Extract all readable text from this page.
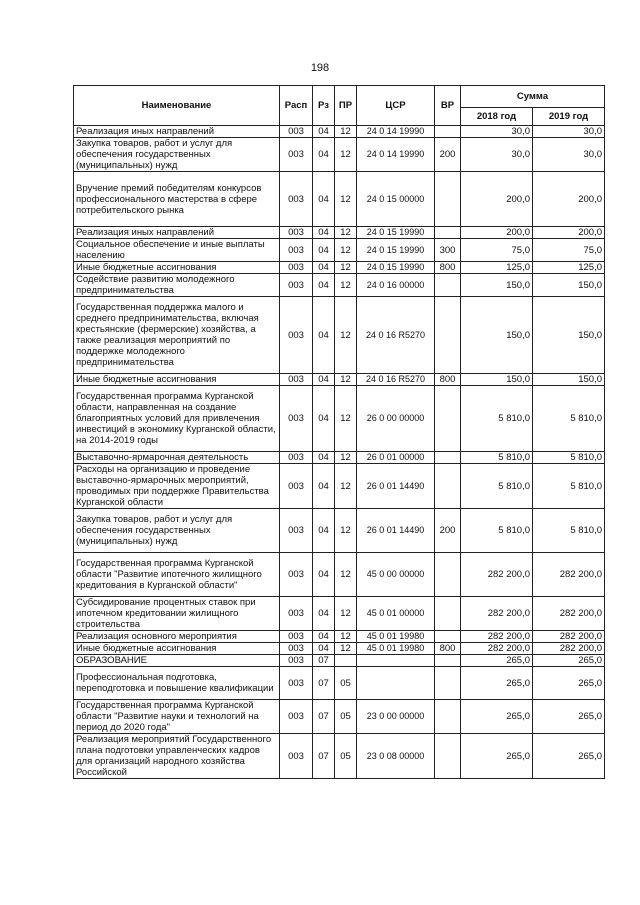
198
Наименование	Расп	Рз	ПР	ЦСР	ВР	Сумма	
						2018 год	2019 год
Реализация иных направлений	003	04	12	24 0 14 19990		30,0	30,0
Закупка товаров, работ и услуг для обеспечения государственных (муниципальных) нужд	003	04	12	24 0 14 19990	200	30,0	30,0
Вручение премий победителям конкурсов профессионального мастерства в сфере потребительского рынка	003	04	12	24 0 15 00000		200,0	200,0
Реализация иных направлений	003	04	12	24 0 15 19990		200,0	200,0
Социальное обеспечение и иные выплаты населению	003	04	12	24 0 15 19990	300	75,0	75,0
Иные бюджетные ассигнования	003	04	12	24 0 15 19990	800	125,0	125,0
Содействие развитию молодежного предпринимательства	003	04	12	24 0 16 00000		150,0	150,0
Государственная поддержка малого и среднего предпринимательства, включая крестьянские (фермерские) хозяйства, а также реализация мероприятий по поддержке молодежного предпринимательства	003	04	12	24 0 16 R5270		150,0	150,0
Иные бюджетные ассигнования	003	04	12	24 0 16 R5270	800	150,0	150,0
Государственная программа Курганской области, направленная на создание благоприятных условий для привлечения инвестиций в экономику Курганской области, на 2014-2019 годы	003	04	12	26 0 00 00000		5 810,0	5 810,0
Выставочно-ярмарочная деятельность	003	04	12	26 0 01 00000		5 810,0	5 810,0
Расходы на организацию и проведение выставочно-ярмарочных мероприятий, проводимых при поддержке Правительства Курганской области	003	04	12	26 0 01 14490		5 810,0	5 810,0
Закупка товаров, работ и услуг для обеспечения государственных (муниципальных) нужд	003	04	12	26 0 01 14490	200	5 810,0	5 810,0
Государственная программа Курганской области "Развитие ипотечного жилищного кредитования в Курганской области"	003	04	12	45 0 00 00000		282 200,0	282 200,0
Субсидирование процентных ставок при ипотечном кредитовании жилищного строительства	003	04	12	45 0 01 00000		282 200,0	282 200,0
Реализация основного мероприятия	003	04	12	45 0 01 19980		282 200,0	282 200,0
Иные бюджетные ассигнования	003	04	12	45 0 01 19980	800	282 200,0	282 200,0
ОБРАЗОВАНИЕ	003	07				265,0	265,0
Профессиональная подготовка, переподготовка и повышение квалификации	003	07	05			265,0	265,0
Государственная программа Курганской области "Развитие науки и технологий на период до 2020 года"	003	07	05	23 0 00 00000		265,0	265,0
Реализация мероприятий Государственного плана подготовки управленческих кадров для организаций народного хозяйства Российской	003	07	05	23 0 08 00000		265,0	265,0
